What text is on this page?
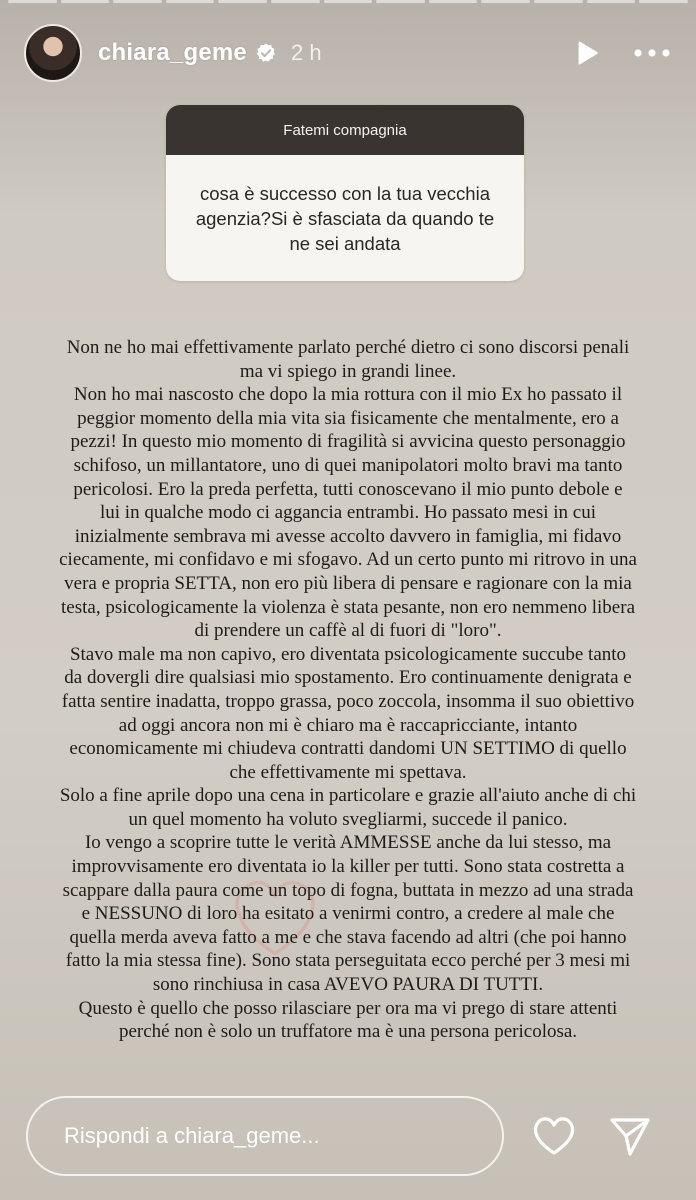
chiara_geme 2 h
Fatemi compagnia
cosa è successo con la tua vecchia agenzia?Si è sfasciata da quando te ne sei andata

Non ne ho mai effettivamente parlato perché dietro ci sono discorsi penali

ma vi spiego in grandi linee.

Non ho mai nascosto che dopo la mia rottura con il mio Ex ho passato il

peggior momento della mia vita sia fisicamente che mentalmente, ero a

pezzi! In questo mio momento di fragilità si avvicina questo personaggio

schifoso, un millantatore, uno di quei manipolatori molto bravi ma tanto

pericolosi. Ero la preda perfetta, tutti conoscevano il mio punto debole e

lui in qualche modo ci aggancia entrambi. Ho passato mesi in cui

inizialmente sembrava mi avesse accolto davvero in famiglia, mi fidavo

ciecamente, mi confidavo e mi sfogavo. Ad un certo punto mi ritrovo in una

vera e propria SETTA, non ero più libera di pensare e ragionare con la mia

testa, psicologicamente la violenza è stata pesante, non ero nemmeno libera

di prendere un caffè al di fuori di "loro".

Stavo male ma non capivo, ero diventata psicologicamente succube tanto

da dovergli dire qualsiasi mio spostamento. Ero continuamente denigrata e

fatta sentire inadatta, troppo grassa, poco zoccola, insomma il suo obiettivo

ad oggi ancora non mi è chiaro ma è raccapricciante, intanto

economicamente mi chiudeva contratti dandomi UN SETTIMO di quello

che effettivamente mi spettava.

Solo a fine aprile dopo una cena in particolare e grazie all'aiuto anche di chi

un quel momento ha voluto svegliarmi, succede il panico.

Io vengo a scoprire tutte le verità AMMESSE anche da lui stesso, ma

improvvisamente ero diventata io la killer per tutti. Sono stata costretta a

scappare dalla paura come un topo di fogna, buttata in mezzo ad una strada

e NESSUNO di loro ha esitato a venirmi contro, a credere al male che

quella merda aveva fatto a me e che stava facendo ad altri (che poi hanno

fatto la mia stessa fine). Sono stata perseguitata ecco perché per 3 mesi mi

sono rinchiusa in casa AVEVO PAURA DI TUTTI.

Questo è quello che posso rilasciare per ora ma vi prego di stare attenti

perché non è solo un truffatore ma è una persona pericolosa.

Rispondi a chiara_geme...
